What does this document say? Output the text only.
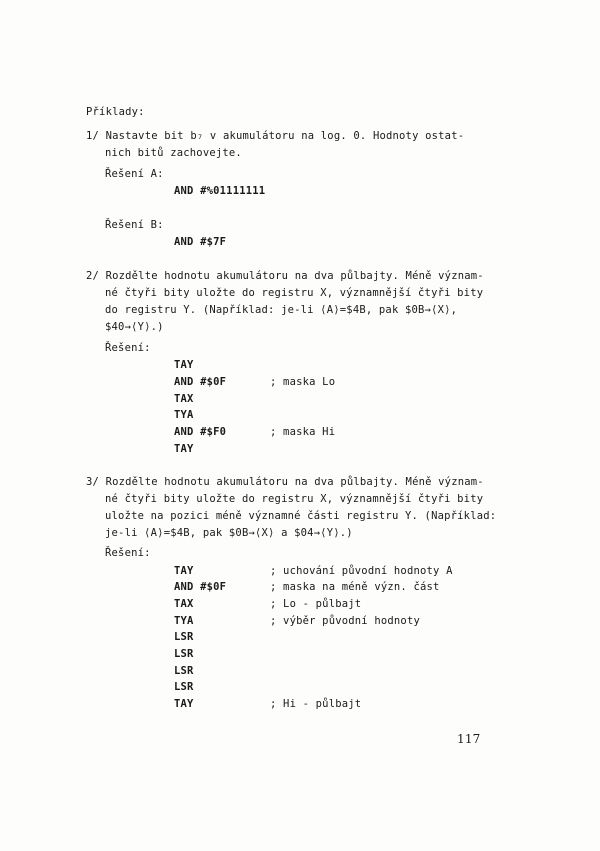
Příklady:
1/ Nastavte bit b₇ v akumulátoru na log. 0. Hodnoty ostat-
nich bitů zachovejte.
Řešení A:
AND #%01111111
Řešení B:
AND #$7F
2/ Rozdělte hodnotu akumulátoru na dva půlbajty. Méně význam-
né čtyři bity uložte do registru X, významnější čtyři bity
do registru Y. (Například: je-li ⟨A⟩=$4B, pak $0B→⟨X⟩,
$40→⟨Y⟩.)
Řešení:
TAY
AND #$0F	; maska Lo
TAX
TYA
AND #$F0	; maska Hi
TAY
3/ Rozdělte hodnotu akumulátoru na dva půlbajty. Méně význam-
né čtyři bity uložte do registru X, významnější čtyři bity
uložte na pozici méně významné části registru Y. (Například:
je-li ⟨A⟩=$4B, pak $0B→⟨X⟩ a $04→⟨Y⟩.)
Řešení:
TAY	; uchování původní hodnoty A
AND #$0F	; maska na méně význ. část
TAX	; Lo - půlbajt
TYA	; výběr původní hodnoty
LSR
LSR
LSR
LSR
TAY	; Hi - půlbajt
117
